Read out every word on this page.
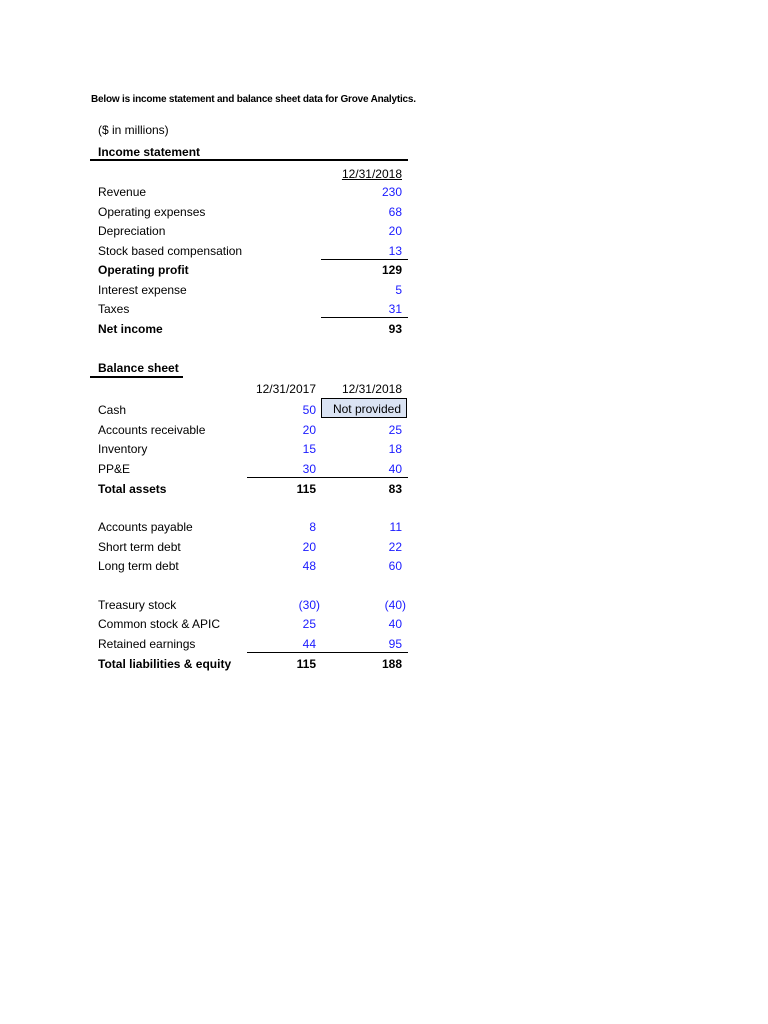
Below is income statement and balance sheet data for Grove Analytics.
($ in millions)
Income statement
12/31/2018
Revenue	230
Operating expenses	68
Depreciation	20
Stock based compensation	13
Operating profit	129
Interest expense	5
Taxes	31
Net income	93
Balance sheet
12/31/2017	12/31/2018
Cash	50	Not provided
Accounts receivable	20	25
Inventory	15	18
PP&E	30	40
Total assets	115	83
Accounts payable	8	11
Short term debt	20	22
Long term debt	48	60
Treasury stock	(30)	(40)
Common stock & APIC	25	40
Retained earnings	44	95
Total liabilities & equity	115	188
